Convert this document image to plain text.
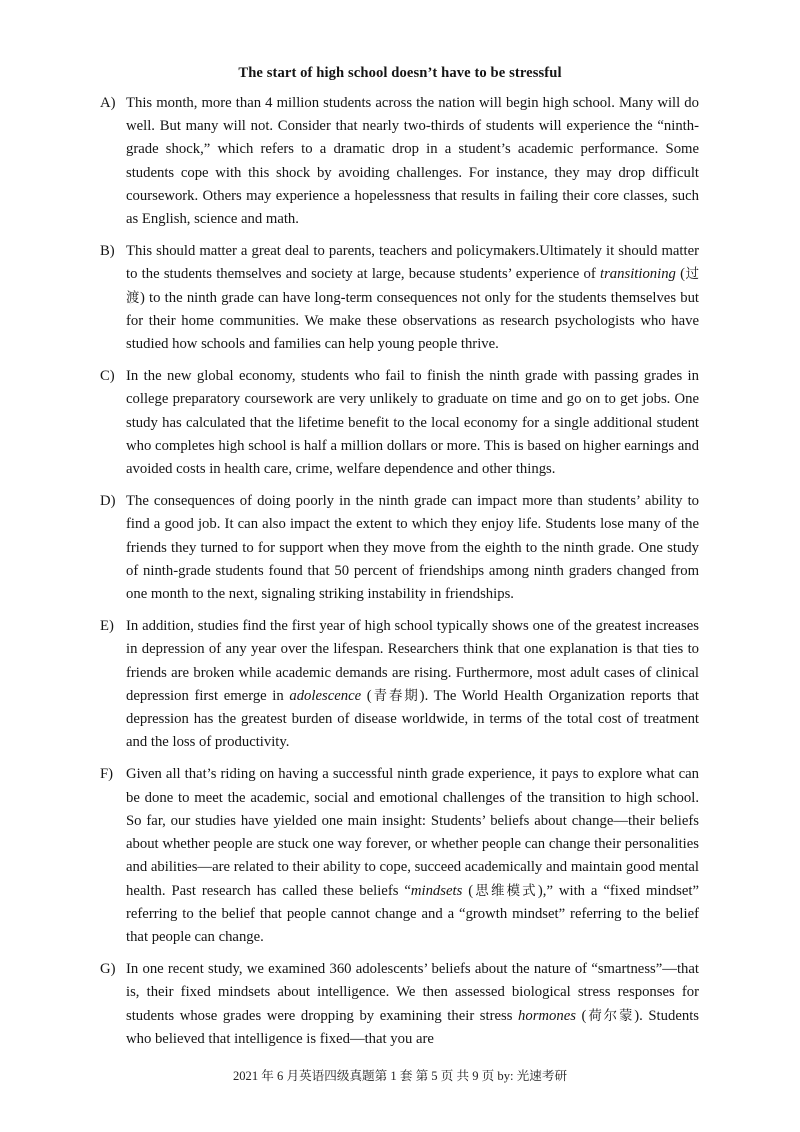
The start of high school doesn’t have to be stressful
A) This month, more than 4 million students across the nation will begin high school. Many will do well. But many will not. Consider that nearly two-thirds of students will experience the “ninth-grade shock,” which refers to a dramatic drop in a student’s academic performance. Some students cope with this shock by avoiding challenges. For instance, they may drop difficult coursework. Others may experience a hopelessness that results in failing their core classes, such as English, science and math.
B) This should matter a great deal to parents, teachers and policymakers.Ultimately it should matter to the students themselves and society at large, because students’ experience of transitioning (过渡) to the ninth grade can have long-term consequences not only for the students themselves but for their home communities. We make these observations as research psychologists who have studied how schools and families can help young people thrive.
C) In the new global economy, students who fail to finish the ninth grade with passing grades in college preparatory coursework are very unlikely to graduate on time and go on to get jobs. One study has calculated that the lifetime benefit to the local economy for a single additional student who completes high school is half a million dollars or more. This is based on higher earnings and avoided costs in health care, crime, welfare dependence and other things.
D) The consequences of doing poorly in the ninth grade can impact more than students’ ability to find a good job. It can also impact the extent to which they enjoy life. Students lose many of the friends they turned to for support when they move from the eighth to the ninth grade. One study of ninth-grade students found that 50 percent of friendships among ninth graders changed from one month to the next, signaling striking instability in friendships.
E) In addition, studies find the first year of high school typically shows one of the greatest increases in depression of any year over the lifespan. Researchers think that one explanation is that ties to friends are broken while academic demands are rising. Furthermore, most adult cases of clinical depression first emerge in adolescence (青春期). The World Health Organization reports that depression has the greatest burden of disease worldwide, in terms of the total cost of treatment and the loss of productivity.
F) Given all that’s riding on having a successful ninth grade experience, it pays to explore what can be done to meet the academic, social and emotional challenges of the transition to high school. So far, our studies have yielded one main insight: Students’ beliefs about change—their beliefs about whether people are stuck one way forever, or whether people can change their personalities and abilities—are related to their ability to cope, succeed academically and maintain good mental health. Past research has called these beliefs “mindsets (思维模式),” with a “fixed mindset” referring to the belief that people cannot change and a “growth mindset” referring to the belief that people can change.
G) In one recent study, we examined 360 adolescents’ beliefs about the nature of “smartness”—that is, their fixed mindsets about intelligence. We then assessed biological stress responses for students whose grades were dropping by examining their stress hormones (荷尔蒙). Students who believed that intelligence is fixed—that you are
2021 年 6 月英语四级真题第 1 套 第 5 页 共 9 页 by: 光速考研
